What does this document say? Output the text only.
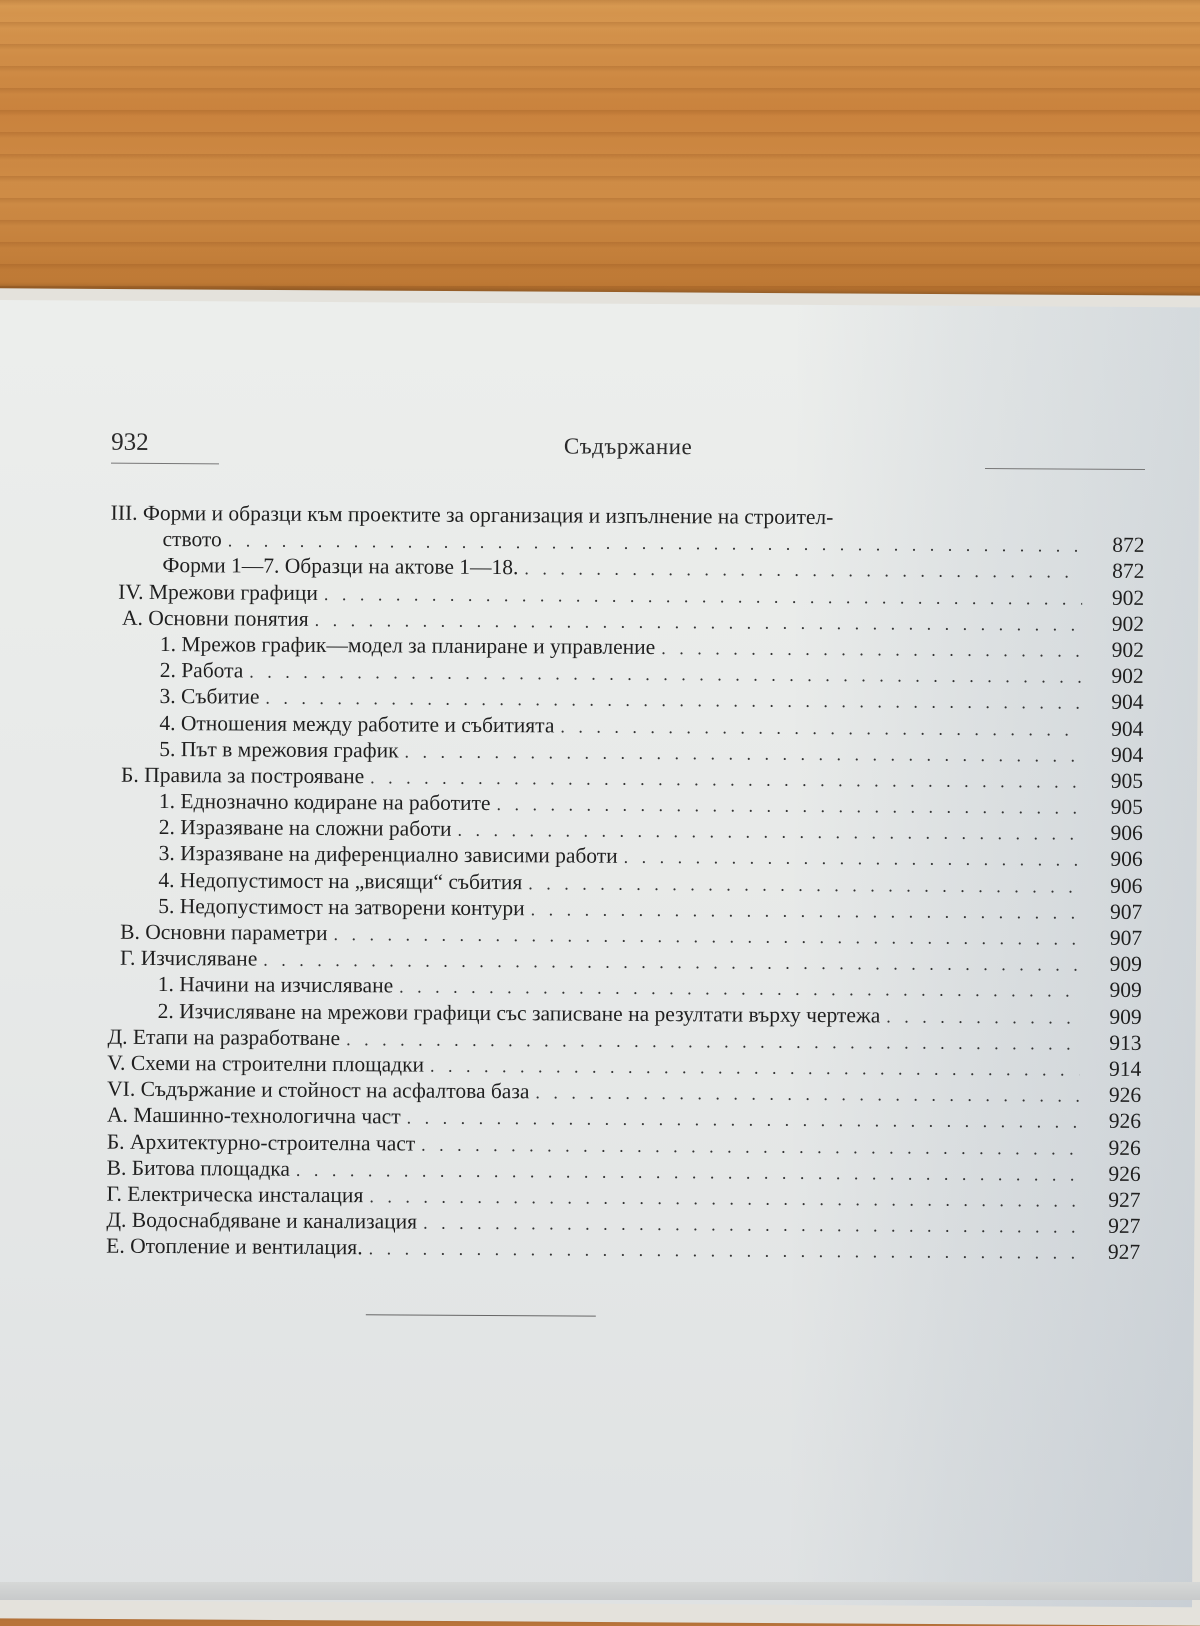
932	Съдържание
III. Форми и образци към проектите за организация и изпълнение на строител-
ството . . .	872
Форми 1—7. Образци на актове 1—18. . . .	872
IV. Мрежови графици . . .	902
А. Основни понятия . . .	902
1. Мрежов график—модел за планиране и управление . . .	902
2. Работа . . .	902
3. Събитие . . .	904
4. Отношения между работите и събитията . . .	904
5. Път в мрежовия график . . .	904
Б. Правила за построяване . . .	905
1. Еднозначно кодиране на работите . . .	905
2. Изразяване на сложни работи . . .	906
3. Изразяване на диференциално зависими работи . . .	906
4. Недопустимост на „висящи“ събития . . .	906
5. Недопустимост на затворени контури . . .	907
В. Основни параметри . . .	907
Г. Изчисляване . . .	909
1. Начини на изчисляване . . .	909
2. Изчисляване на мрежови графици със записване на резултати върху чертежа . . .	909
Д. Етапи на разработване . . .	913
V. Схеми на строителни площадки . . .	914
VI. Съдържание и стойност на асфалтова база . . .	926
А. Машинно-технологична част . . .	926
Б. Архитектурно-строителна част . . .	926
В. Битова площадка . . .	926
Г. Електрическа инсталация . . .	927
Д. Водоснабдяване и канализация . . .	927
Е. Отопление и вентилация. . . .	927
